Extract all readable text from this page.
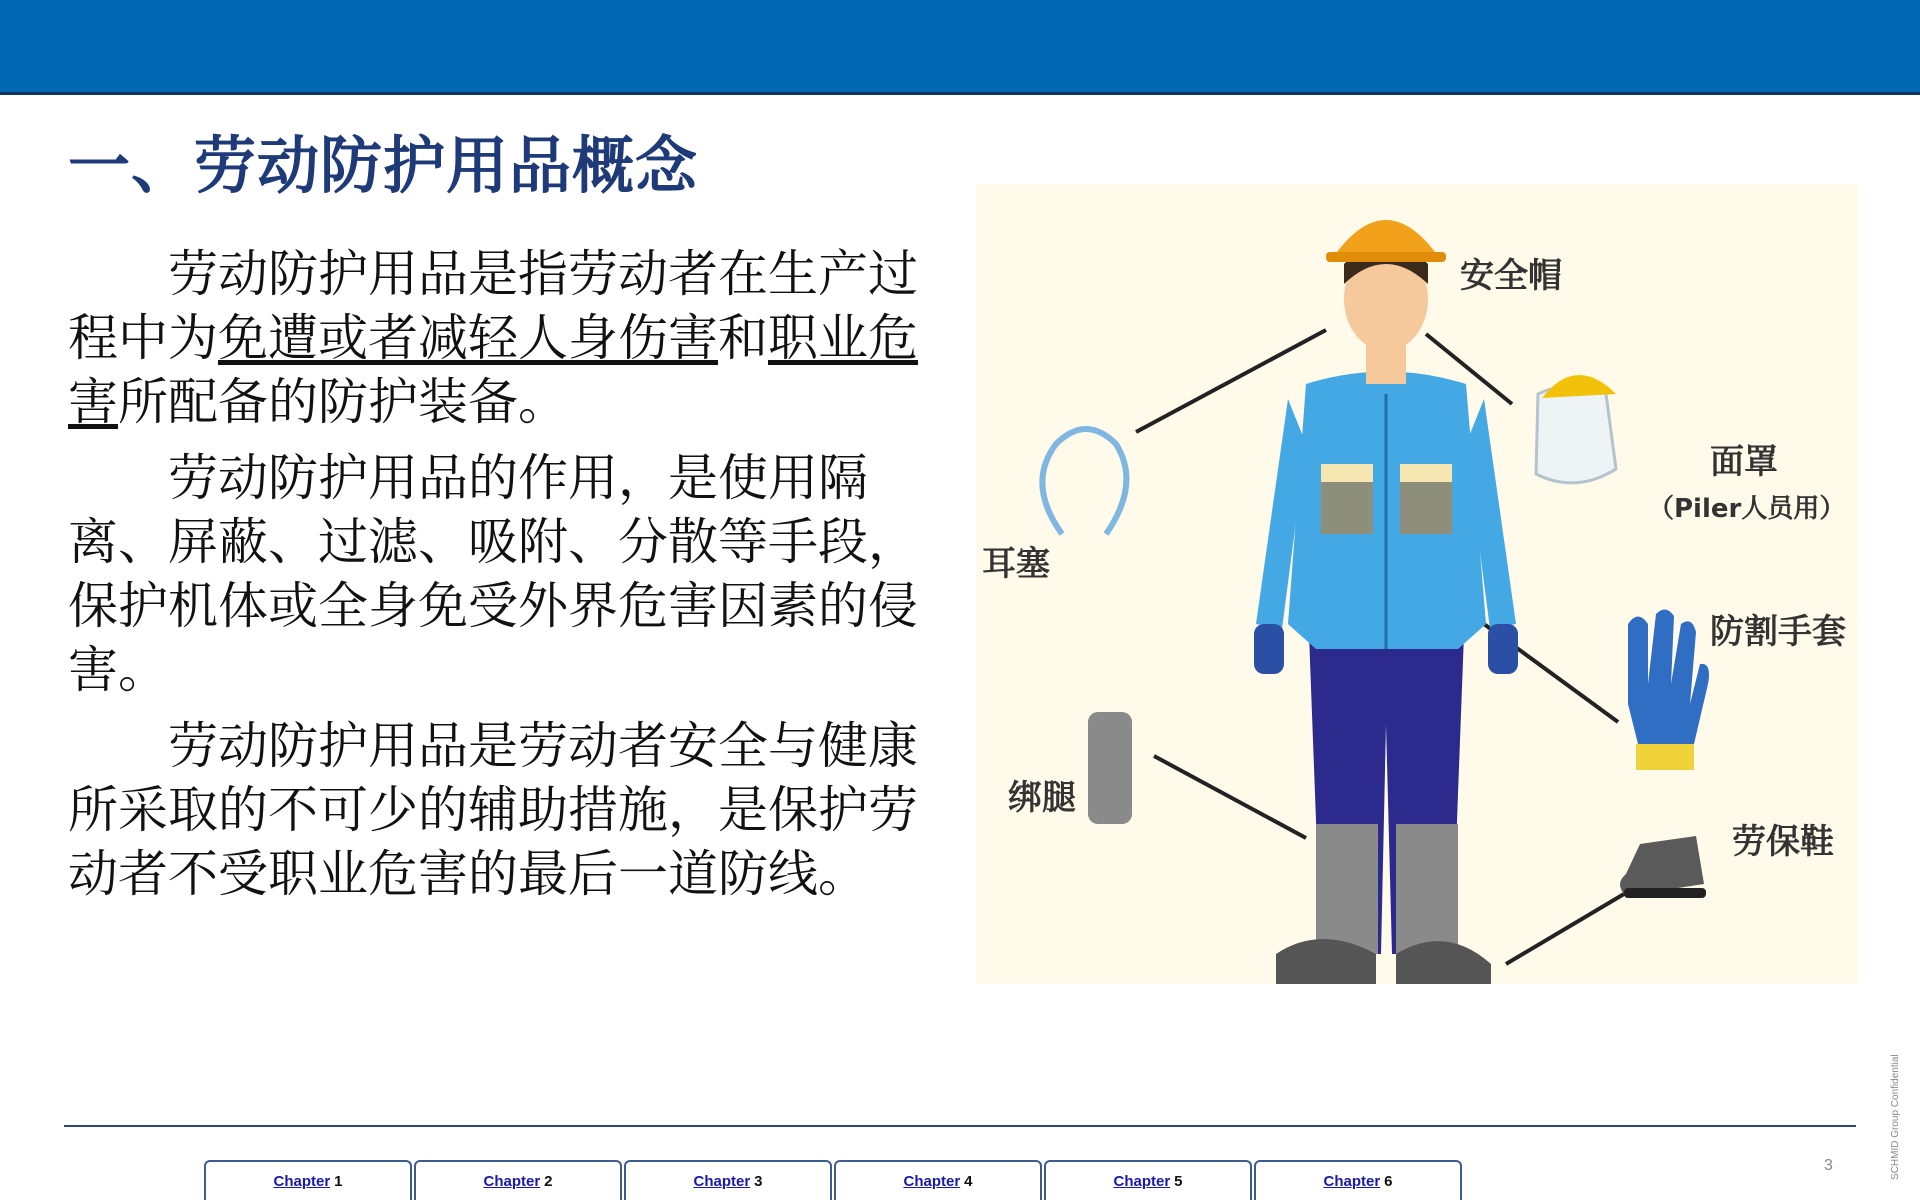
一、劳动防护用品概念

劳动防护用品是指劳动者在生产过程中为免遭或者减轻人身伤害和职业危害所配备的防护装备。

劳动防护用品的作用，是使用隔离、屏蔽、过滤、吸附、分散等手段，保护机体或全身免受外界危害因素的侵害。

劳动防护用品是劳动者安全与健康所采取的不可少的辅助措施，是保护劳动者不受职业危害的最后一道防线。

安全帽
面罩
（Piler人员用）
耳塞
防割手套
绑腿
劳保鞋
Chapter 1	Chapter 2	Chapter 3	Chapter 4	Chapter 5	Chapter 6
3	SCHMID Group Confidential
